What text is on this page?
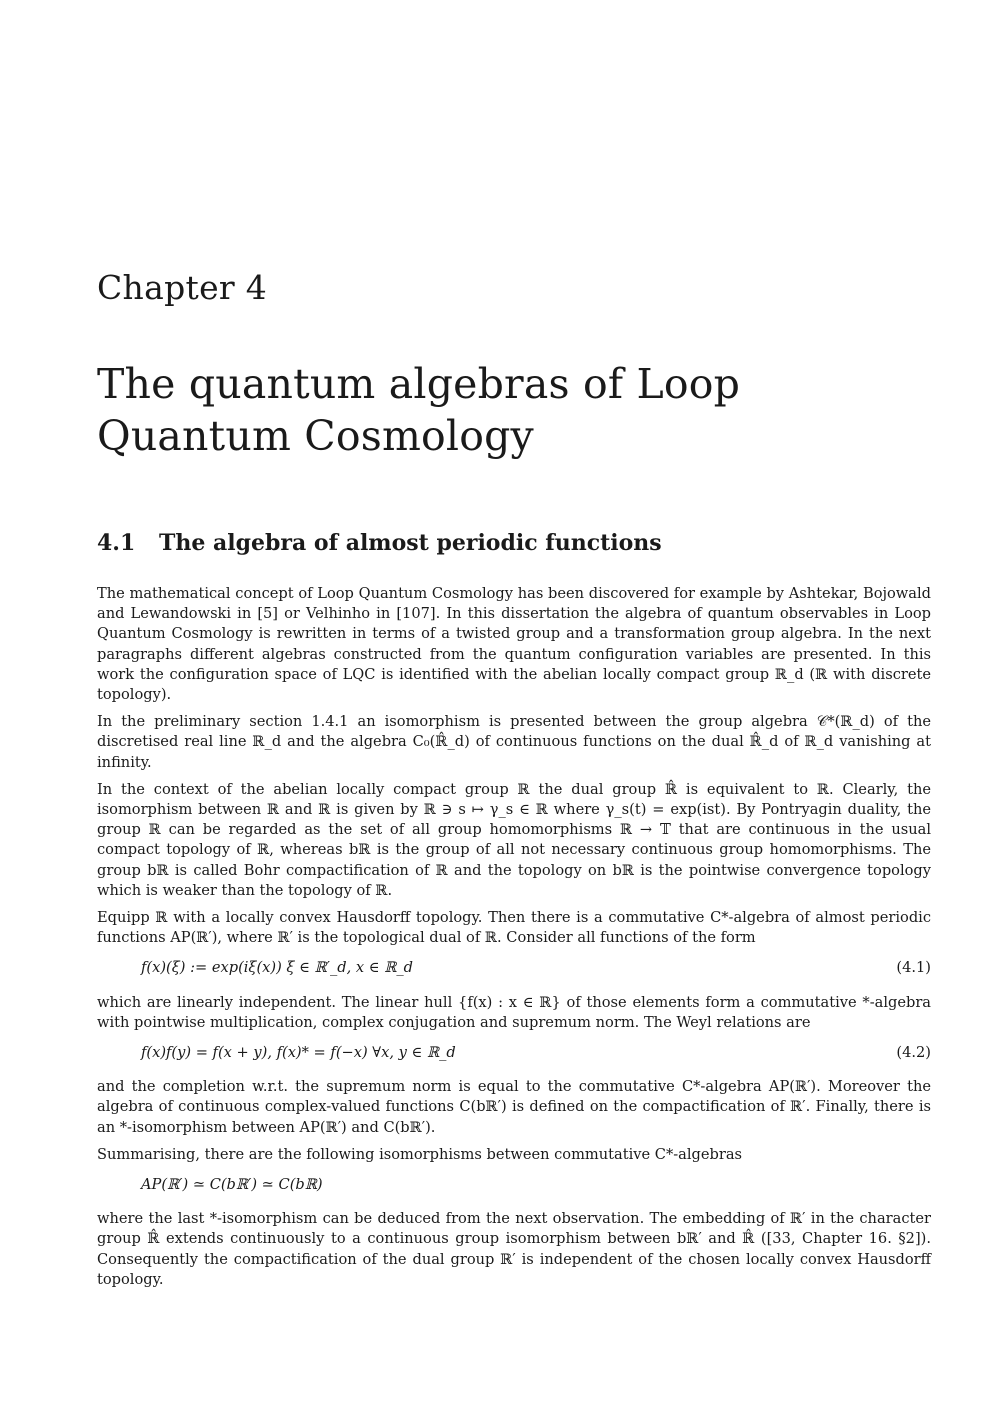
Chapter 4
The quantum algebras of Loop Quantum Cosmology
4.1 The algebra of almost periodic functions

The mathematical concept of Loop Quantum Cosmology has been discovered for example by Ashtekar, Bojowald and Lewandowski in [5] or Velhinho in [107]. In this dissertation the algebra of quantum observables in Loop Quantum Cosmology is rewritten in terms of a twisted group and a transformation group algebra. In the next paragraphs different algebras constructed from the quantum configuration variables are presented. In this work the configuration space of LQC is identified with the abelian locally compact group ℝ_d (ℝ with discrete topology).

In the preliminary section 1.4.1 an isomorphism is presented between the group algebra 𝒞*(ℝ_d) of the discretised real line ℝ_d and the algebra C₀(ℝ̂_d) of continuous functions on the dual ℝ̂_d of ℝ_d vanishing at infinity.

In the context of the abelian locally compact group ℝ the dual group ℝ̂ is equivalent to ℝ. Clearly, the isomorphism between ℝ and ℝ is given by ℝ ∋ s ↦ γ_s ∈ ℝ where γ_s(t) = exp(ist). By Pontryagin duality, the group ℝ can be regarded as the set of all group homomorphisms ℝ → 𝕋 that are continuous in the usual compact topology of ℝ, whereas bℝ is the group of all not necessary continuous group homomorphisms. The group bℝ is called Bohr compactification of ℝ and the topology on bℝ is the pointwise convergence topology which is weaker than the topology of ℝ.

Equipp ℝ with a locally convex Hausdorff topology. Then there is a commutative C*-algebra of almost periodic functions AP(ℝ′), where ℝ′ is the topological dual of ℝ. Consider all functions of the form

f(x)(ξ) := exp(iξ(x)) ξ ∈ ℝ′_d, x ∈ ℝ_d	(4.1)

which are linearly independent. The linear hull {f(x) : x ∈ ℝ} of those elements form a commutative *-algebra with pointwise multiplication, complex conjugation and supremum norm. The Weyl relations are

f(x)f(y) = f(x + y), f(x)* = f(−x) ∀x, y ∈ ℝ_d	(4.2)

and the completion w.r.t. the supremum norm is equal to the commutative C*-algebra AP(ℝ′). Moreover the algebra of continuous complex-valued functions C(bℝ′) is defined on the compactification of ℝ′. Finally, there is an *-isomorphism between AP(ℝ′) and C(bℝ′).

Summarising, there are the following isomorphisms between commutative C*-algebras

AP(ℝ′) ≃ C(bℝ′) ≃ C(bℝ)

where the last *-isomorphism can be deduced from the next observation. The embedding of ℝ′ in the character group ℝ̂ extends continuously to a continuous group isomorphism between bℝ′ and ℝ̂ ([33, Chapter 16. §2]). Consequently the compactification of the dual group ℝ′ is independent of the chosen locally convex Hausdorff topology.
